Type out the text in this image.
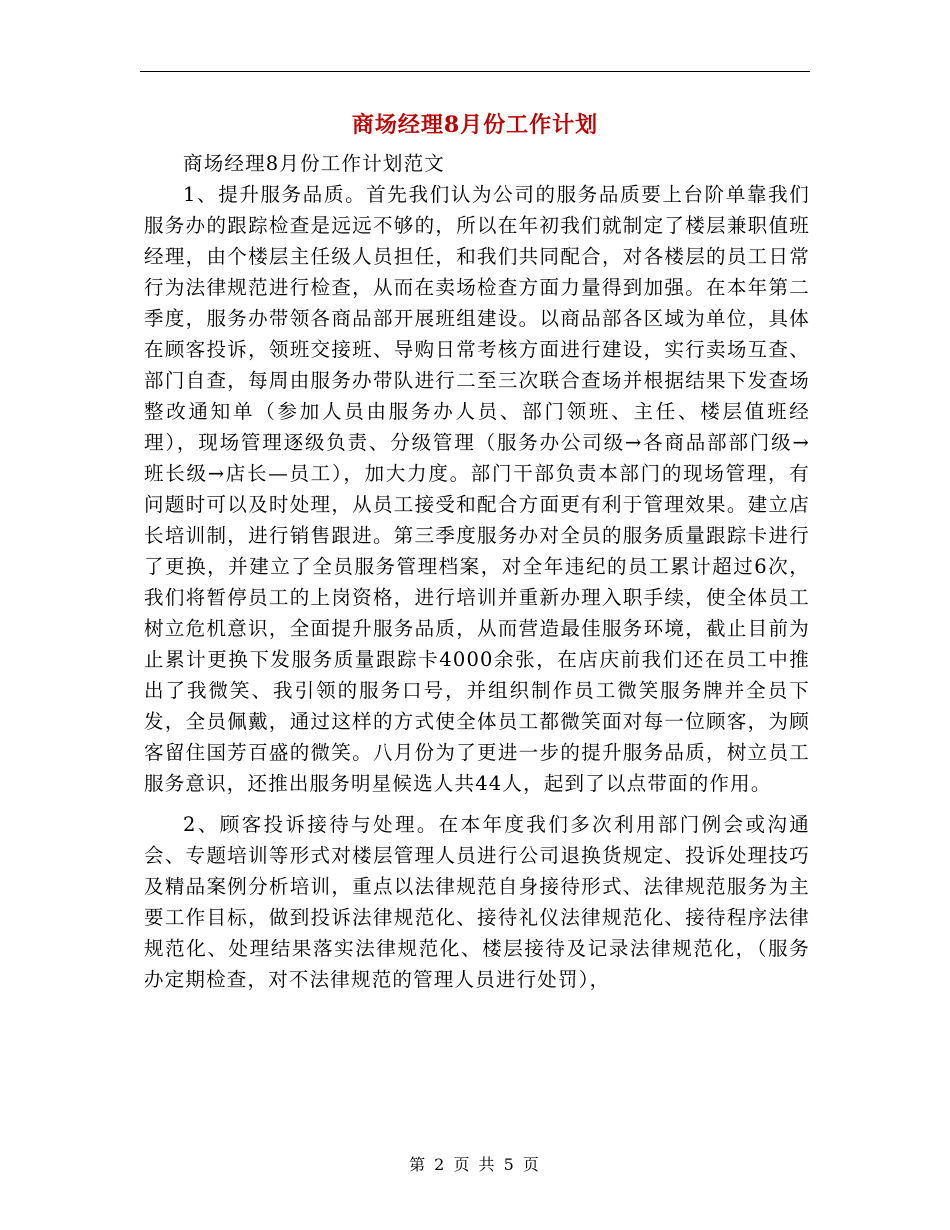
商场经理8月份工作计划

商场经理8月份工作计划范文

1、提升服务品质。首先我们认为公司的服务品质要上台阶单靠我们服务办的跟踪检查是远远不够的，所以在年初我们就制定了楼层兼职值班经理，由个楼层主任级人员担任，和我们共同配合，对各楼层的员工日常行为法律规范进行检查，从而在卖场检查方面力量得到加强。在本年第二季度，服务办带领各商品部开展班组建设。以商品部各区域为单位，具体在顾客投诉，领班交接班、导购日常考核方面进行建设，实行卖场互查、部门自查，每周由服务办带队进行二至三次联合查场并根据结果下发查场整改通知单（参加人员由服务办人员、部门领班、主任、楼层值班经理），现场管理逐级负责、分级管理（服务办公司级→各商品部部门级→班长级→店长—员工），加大力度。部门干部负责本部门的现场管理，有问题时可以及时处理，从员工接受和配合方面更有利于管理效果。建立店长培训制，进行销售跟进。第三季度服务办对全员的服务质量跟踪卡进行了更换，并建立了全员服务管理档案，对全年违纪的员工累计超过6次，我们将暂停员工的上岗资格，进行培训并重新办理入职手续，使全体员工树立危机意识，全面提升服务品质，从而营造最佳服务环境，截止目前为止累计更换下发服务质量跟踪卡4000余张，在店庆前我们还在员工中推出了我微笑、我引领的服务口号，并组织制作员工微笑服务牌并全员下发，全员佩戴，通过这样的方式使全体员工都微笑面对每一位顾客，为顾客留住国芳百盛的微笑。八月份为了更进一步的提升服务品质，树立员工服务意识，还推出服务明星候选人共44人，起到了以点带面的作用。

2、顾客投诉接待与处理。在本年度我们多次利用部门例会或沟通会、专题培训等形式对楼层管理人员进行公司退换货规定、投诉处理技巧及精品案例分析培训，重点以法律规范自身接待形式、法律规范服务为主要工作目标，做到投诉法律规范化、接待礼仪法律规范化、接待程序法律规范化、处理结果落实法律规范化、楼层接待及记录法律规范化，（服务办定期检查，对不法律规范的管理人员进行处罚），

第 2 页 共 5 页
